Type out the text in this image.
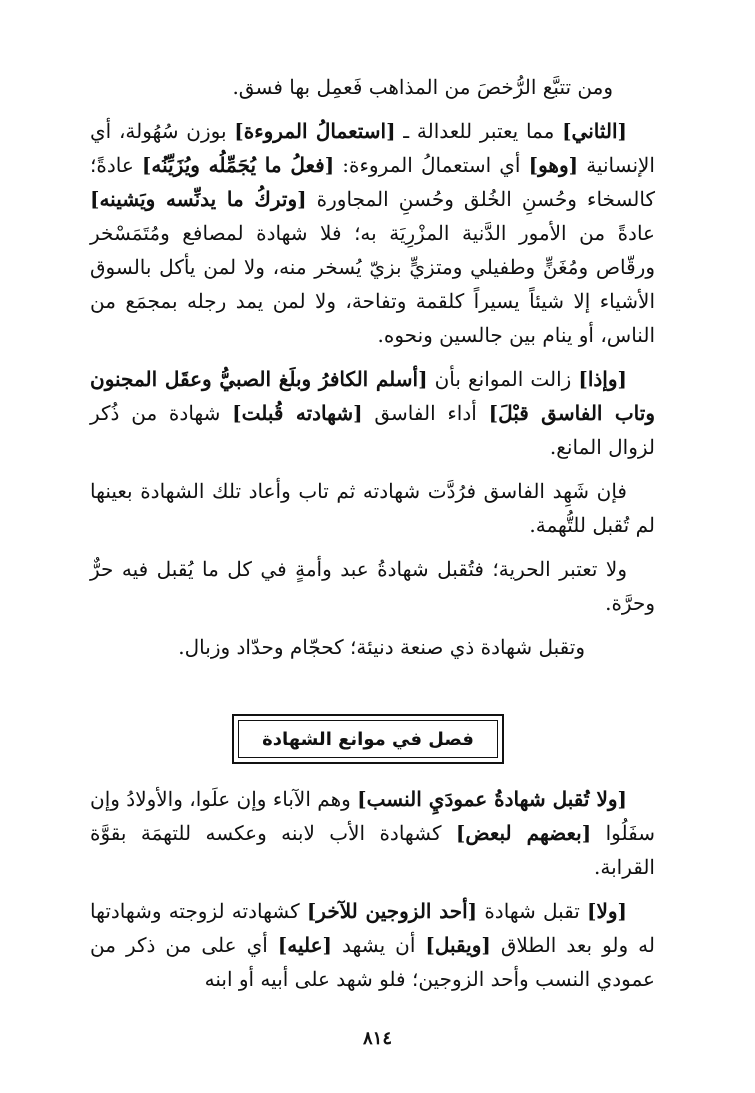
ومن تتبَّع الرُّخصَ من المذاهب فَعمِل بها فسق.

[الثاني] مما يعتبر للعدالة ـ [استعمالُ المروءة] بوزن سُهُولة، أي الإنسانية [وهو] أي استعمالُ المروءة: [فعلُ ما يُجَمِّلُه ويُزَيِّنُه] عادةً؛ كالسخاء وحُسنِ الخُلق وحُسنِ المجاورة [وتركُ ما يدنِّسه ويَشينه] عادةً من الأمور الدَّنية المزْرِيَة به؛ فلا شهادة لمصافع ومُتَمَسْخر ورقّاص ومُغَنٍّ وطفيلي ومتزيٍّ بزيّ يُسخر منه، ولا لمن يأكل بالسوق الأشياء إلا شيئاً يسيراً كلقمة وتفاحة، ولا لمن يمد رجله بمجمَع من الناس، أو ينام بين جالسين ونحوه.

[وإذا] زالت الموانع بأن [أسلم الكافرُ وبلَغ الصبيُّ وعقَل المجنون وتاب الفاسق قبْلَ] أداء الفاسق [شهادته قُبلت] شهادة من ذُكر لزوال المانع.

فإن شَهِد الفاسق فرُدَّت شهادته ثم تاب وأعاد تلك الشهادة بعينها لم تُقبل للتُّهمة.

ولا تعتبر الحرية؛ فتُقبل شهادةُ عبد وأمةٍ في كل ما يُقبل فيه حرٌّ وحرَّة.

وتقبل شهادة ذي صنعة دنيئة؛ كحجّام وحدّاد وزبال.

فصل في موانع الشهادة

[ولا تُقبل شهادةُ عمودَيِ النسب] وهم الآباء وإن علَوا، والأولادُ وإن سفَلُوا [بعضهم لبعض] كشهادة الأب لابنه وعكسه للتهمَة بقوَّة القرابة.

[ولا] تقبل شهادة [أحد الزوجين للآخر] كشهادته لزوجته وشهادتها له ولو بعد الطلاق [ويقبل] أن يشهد [عليه] أي على من ذكر من عمودي النسب وأحد الزوجين؛ فلو شهد على أبيه أو ابنه

٨١٤
